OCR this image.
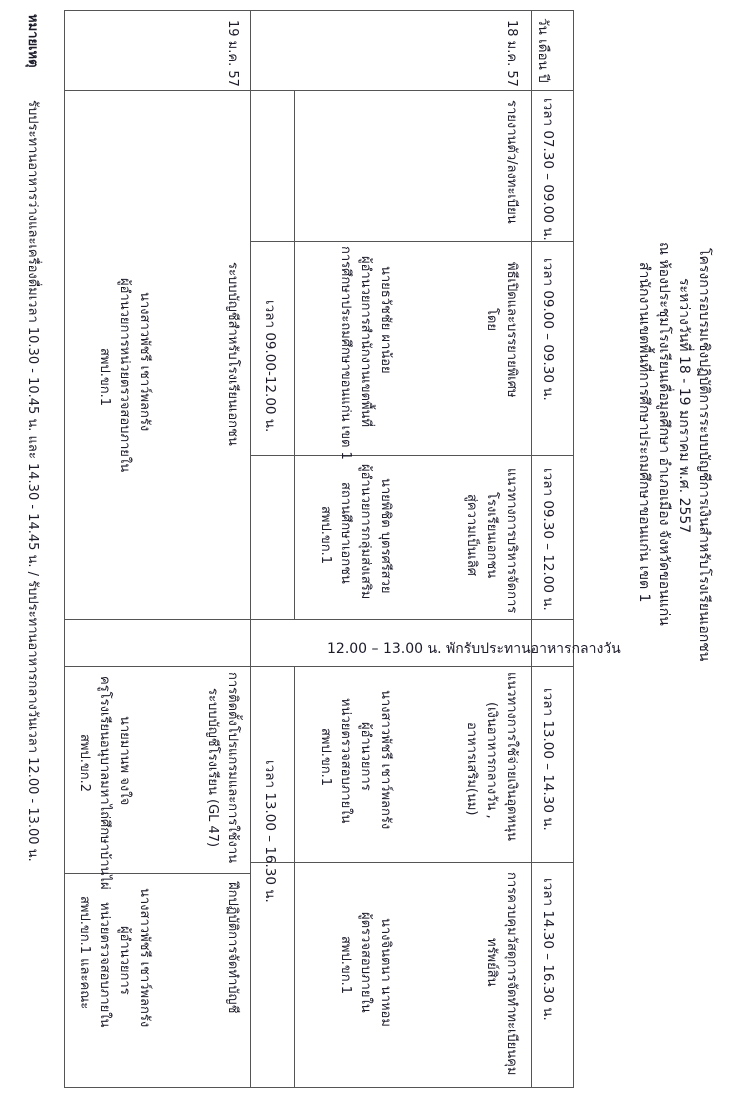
โครงการอบรมเชิงปฏิบัติการระบบบัญชีการเงินสำหรับโรงเรียนเอกชน
ระหว่างวันที่ 18 - 19 มกราคม พ.ศ. 2557
ณ ห้องประชุมโรงเรียนเดื่อมูลศึกษา อำเภอเมือง จังหวัดขอนแก่น
สำนักงานเขตพื้นที่การศึกษาประถมศึกษาขอนแก่น เขต 1
วัน เดือน ปี
เวลา 07.30 – 09.00 น.
เวลา 09.00 – 09.30 น.
เวลา 09.30 – 12.00 น.
เวลา 13.00 – 14.30 น.
เวลา 14.30 – 16.30 น.
18 ม.ค. 57
รายงานตัว/ลงทะเบียน
พิธีเปิดและบรรยายพิเศษ
โดย
นายธวัชชัย ผาน้อย
ผู้อำนวยการสำนักงานเขตพื้นที่
การศึกษาประถมศึกษาขอนแก่น เขต 1
แนวทางการบริหารจัดการ
โรงเรียนเอกชน
สู่ความเป็นเลิศ
นายพิชิต บุตรศรีสวย
ผู้อำนวยการกลุ่มส่งเสริม
สถานศึกษาเอกชน
สพป.ขก.1
แนวทางการใช้จ่ายเงินอุดหนุน
(เงินอาหารกลางวัน ,
อาหารเสริม(นม)
นางสาวพัชรี เชาว์พลกรัง
ผู้อำนวยการ
หน่วยตรวจสอบภายใน
สพป.ขก.1
การควบคุมวัสดุการจัดทำทะเบียนคุม
ทรัพย์สิน
นางจินตนา นาหอม
ผู้ตรวจสอบภายใน
สพป.ขก.1
12.00 – 13.00 น. พักรับประทานอาหารกลางวัน
19 ม.ค. 57
เวลา 09.00-12.00 น.
ระบบบัญชีสำหรับโรงเรียนเอกชน
นางสาวพัชรี เชาว์พลกรัง
ผู้อำนวยการหน่วยตรวจสอบภายใน
สพป.ขก.1
เวลา 13.00 – 16.30 น.
การติดตั้งโปรแกรมและการใช้งาน
ระบบบัญชีโรงเรียน (GL 47)
นายมานพ จงใจ
ครูโรงเรียนอนุบาลมหาไถ่ศึกษาบ้านไผ่
สพป.ขก.2
ฝึกปฏิบัติการจัดทำบัญชี
นางสาวพัชรี เชาว์พลกรัง
ผู้อำนวยการ
หน่วยตรวจสอบภายใน
สพป.ขก.1 และคณะ
หมายเหตุ
รับประทานอาหารว่างและเครื่องดื่มเวลา 10.30 - 10.45 น. และ 14.30 - 14.45 น. / รับประทานอาหารกลางวันเวลา 12.00 - 13.00 น.
